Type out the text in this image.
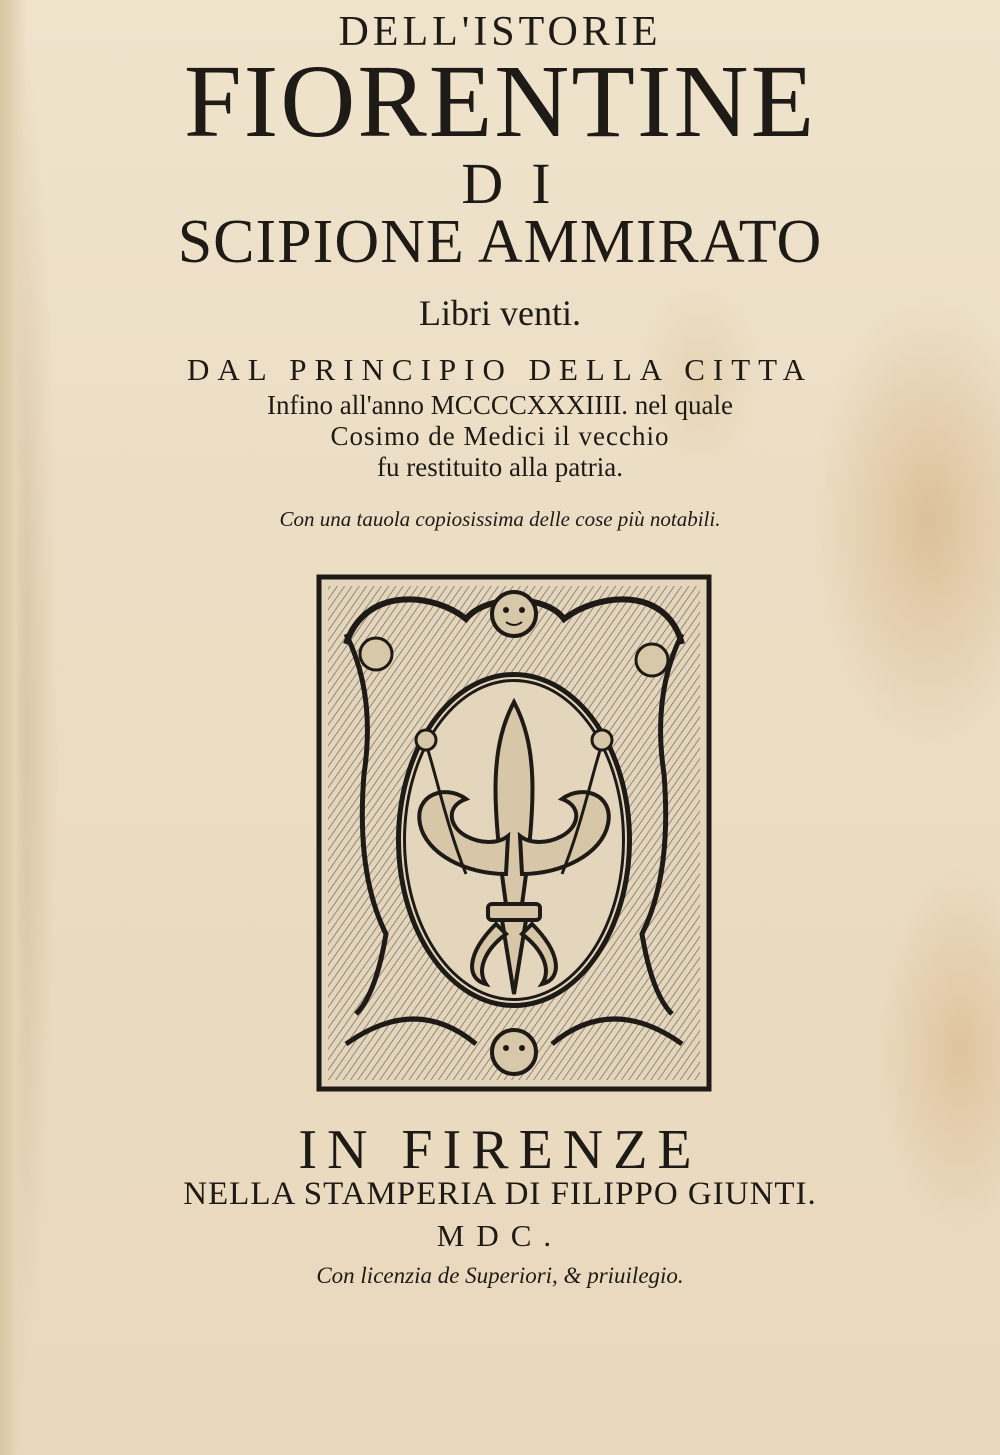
DELL'ISTORIE
FIORENTINE
DI
SCIPIONE AMMIRATO
Libri venti.
DAL PRINCIPIO DELLA CITTA
Infino all'anno MCCCCXXXIIII. nel quale
Cosimo de Medici il vecchio
fu restituito alla patria.
Con una tauola copiosissima delle cose più notabili.
IN FIRENZE
NELLA STAMPERIA DI FILIPPO GIUNTI.
MDC.
Con licenzia de Superiori, & priuilegio.
